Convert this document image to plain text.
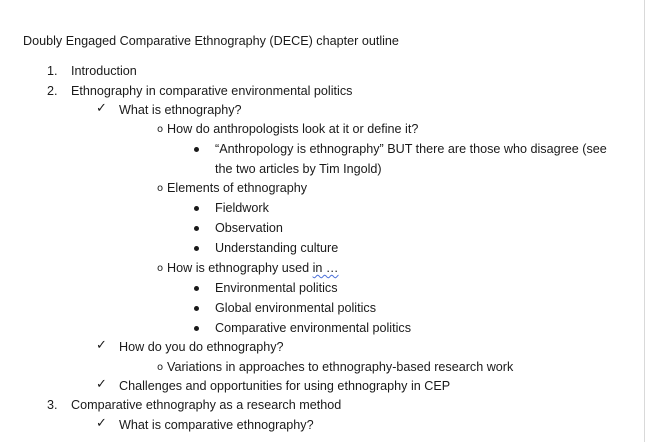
Doubly Engaged Comparative Ethnography (DECE) chapter outline
1. Introduction
2. Ethnography in comparative environmental politics
✓ What is ethnography?
o How do anthropologists look at it or define it?
“Anthropology is ethnography” BUT there are those who disagree (see
the two articles by Tim Ingold)
o Elements of ethnography
Fieldwork
Observation
Understanding culture
o How is ethnography used in …
Environmental politics
Global environmental politics
Comparative environmental politics
✓ How do you do ethnography?
o Variations in approaches to ethnography-based research work
✓ Challenges and opportunities for using ethnography in CEP
3. Comparative ethnography as a research method
✓ What is comparative ethnography?
